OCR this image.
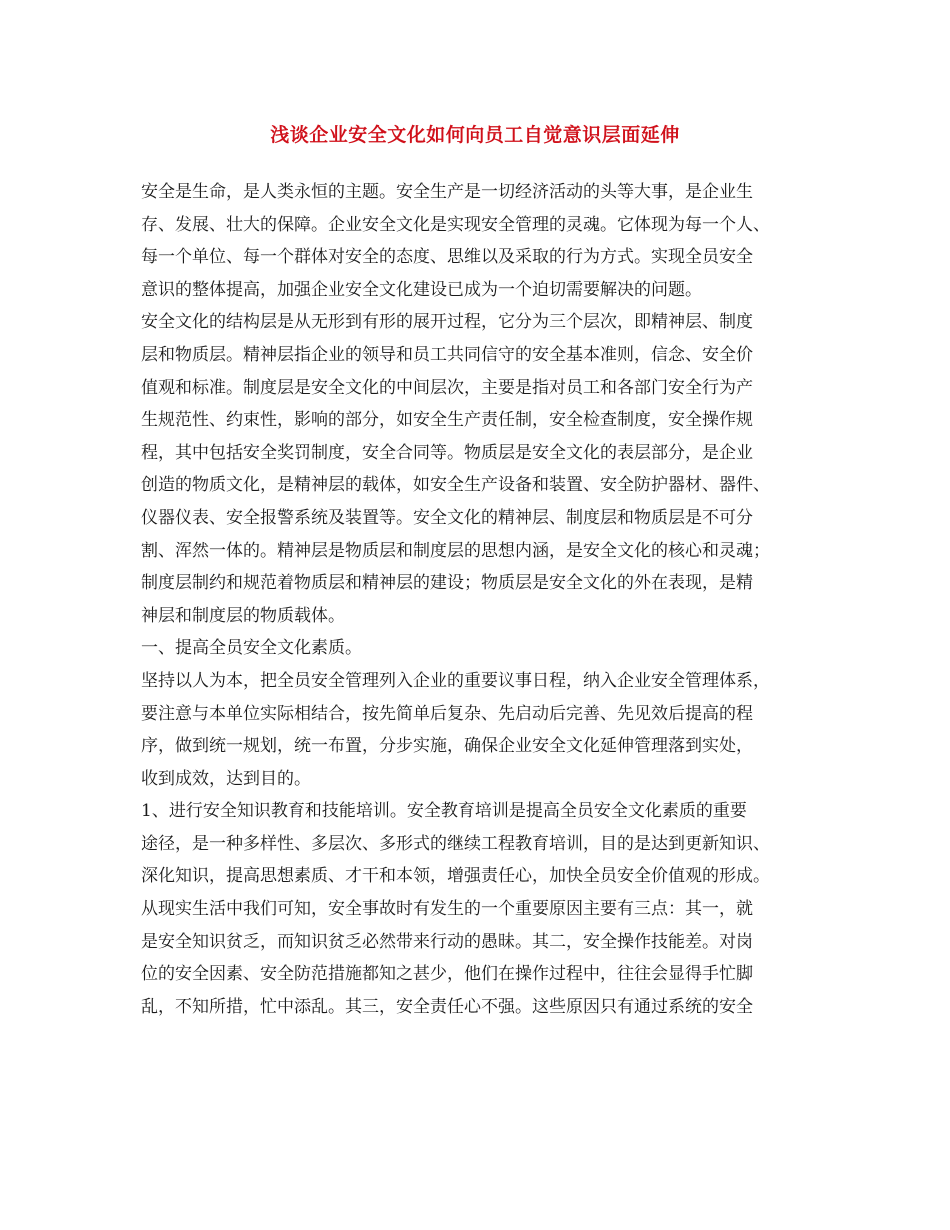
浅谈企业安全文化如何向员工自觉意识层面延伸
安全是生命，是人类永恒的主题。安全生产是一切经济活动的头等大事，是企业生
存、发展、壮大的保障。企业安全文化是实现安全管理的灵魂。它体现为每一个人、
每一个单位、每一个群体对安全的态度、思维以及采取的行为方式。实现全员安全
意识的整体提高，加强企业安全文化建设已成为一个迫切需要解决的问题。
安全文化的结构层是从无形到有形的展开过程，它分为三个层次，即精神层、制度
层和物质层。精神层指企业的领导和员工共同信守的安全基本准则，信念、安全价
值观和标准。制度层是安全文化的中间层次，主要是指对员工和各部门安全行为产
生规范性、约束性，影响的部分，如安全生产责任制，安全检查制度，安全操作规
程，其中包括安全奖罚制度，安全合同等。物质层是安全文化的表层部分，是企业
创造的物质文化，是精神层的载体，如安全生产设备和装置、安全防护器材、器件、
仪器仪表、安全报警系统及装置等。安全文化的精神层、制度层和物质层是不可分
割、浑然一体的。精神层是物质层和制度层的思想内涵，是安全文化的核心和灵魂；
制度层制约和规范着物质层和精神层的建设；物质层是安全文化的外在表现，是精
神层和制度层的物质载体。
一、提高全员安全文化素质。
坚持以人为本，把全员安全管理列入企业的重要议事日程，纳入企业安全管理体系，
要注意与本单位实际相结合，按先简单后复杂、先启动后完善、先见效后提高的程
序，做到统一规划，统一布置，分步实施，确保企业安全文化延伸管理落到实处，
收到成效，达到目的。
1、进行安全知识教育和技能培训。安全教育培训是提高全员安全文化素质的重要
途径，是一种多样性、多层次、多形式的继续工程教育培训，目的是达到更新知识、
深化知识，提高思想素质、才干和本领，增强责任心，加快全员安全价值观的形成。
从现实生活中我们可知，安全事故时有发生的一个重要原因主要有三点：其一，就
是安全知识贫乏，而知识贫乏必然带来行动的愚昧。其二，安全操作技能差。对岗
位的安全因素、安全防范措施都知之甚少，他们在操作过程中，往往会显得手忙脚
乱，不知所措，忙中添乱。其三，安全责任心不强。这些原因只有通过系统的安全
